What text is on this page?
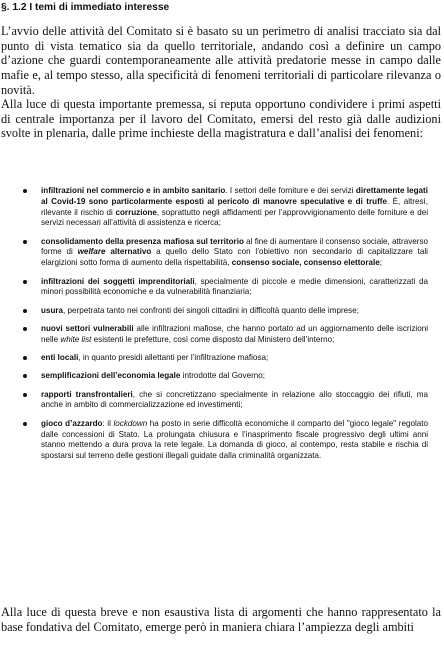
§. 1.2 I temi di immediato interesse
L’avvio delle attività del Comitato si è basato su un perimetro di analisi tracciato sia dal punto di vista tematico sia da quello territoriale, andando così a definire un campo d’azione che guardi contemporaneamente alle attività predatorie messe in campo dalle mafie e, al tempo stesso, alla specificità di fenomeni territoriali di particolare rilevanza o novità.
Alla luce di questa importante premessa, si reputa opportuno condividere i primi aspetti di centrale importanza per il lavoro del Comitato, emersi del resto già dalle audizioni svolte in plenaria, dalle prime inchieste della magistratura e dall’analisi dei fenomeni:
infiltrazioni nel commercio e in ambito sanitario. I settori delle forniture e dei servizi direttamente legati al Covid-19 sono particolarmente esposti al pericolo di manovre speculative e di truffe. È, altresì, rilevante il rischio di corruzione, soprattutto negli affidamenti per l’approvvigionamento delle forniture e dei servizi necessari all’attività di assistenza e ricerca;
consolidamento della presenza mafiosa sul territorio al fine di aumentare il consenso sociale, attraverso forme di welfare alternativo a quello dello Stato con l’obiettivo non secondario di capitalizzare tali elargizioni sotto forma di aumento della rispettabilità, consenso sociale, consenso elettorale;
infiltrazioni dei soggetti imprenditoriali, specialmente di piccole e medie dimensioni, caratterizzati da minori possibilità economiche e da vulnerabilità finanziaria;
usura, perpetrata tanto nei confronti dei singoli cittadini in difficoltà quanto delle imprese;
nuovi settori vulnerabili alle infiltrazioni mafiose, che hanno portato ad un aggiornamento delle iscrizioni nelle white list esistenti le prefetture, così come disposto dal Ministero dell’interno;
enti locali, in quanto presidi allettanti per l’infiltrazione mafiosa;
semplificazioni dell’economia legale introdotte dal Governo;
rapporti transfrontalieri, che si concretizzano specialmente in relazione allo stoccaggio dei rifiuti, ma anche in ambito di commercializzazione ed investimenti;
gioco d’azzardo: il lockdown ha posto in serie difficoltà economiche il comparto del "gioco legale" regolato dalle concessioni di Stato. La prolungata chiusura e l’inasprimento fiscale progressivo degli ultimi anni stanno mettendo a dura prova la rete legale. La domanda di gioco, al contempo, resta stabile e rischia di spostarsi sul terreno delle gestioni illegali guidate dalla criminalità organizzata.
Alla luce di questa breve e non esaustiva lista di argomenti che hanno rappresentato la base fondativa del Comitato, emerge però in maniera chiara l’ampiezza degli ambiti
